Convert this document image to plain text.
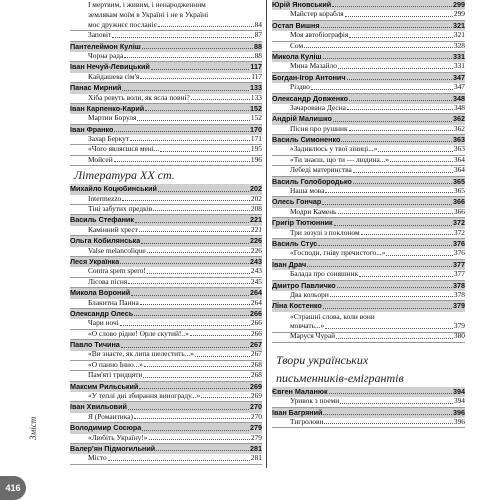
І мертвим, і живим, і ненародженним
землякам моїм в Україні і не в Україні
моє дружнєє посланіє	84
Заповіт	87
Пантелеймон Куліш	88
Чорна рада	88
Іван Нечуй-Левицький	117
Кайдашева сім'я	117
Панас Мирний	133
Хіба ревуть воли, як ясла повні?	133
Іван Карпенко-Карий	152
Мартин Боруля	152
Іван Франко	170
Захар Беркут	171
«Чого являєшся мені...	195
Мойсей	196
Література XX ст.
Михайло Коцюбинський	202
Intermezzo	202
Тіні забутих предків	208
Василь Стефаник	221
Камінний хрест	221
Ольга Кобилянська	226
Valse melancolique	226
Леся Українка	243
Contra spem spero!	243
Лісова пісня	245
Микола Вороний	264
Блакитна Панна	264
Олександр Олесь	266
Чари ночі	266
«О слово рідне! Орле скутий!..»	266
Павло Тичина	267
«Ви знаєте, як липа шелестить...»	267
«О панно Інно...»	268
Пам'яті тридцяти	268
Максим Рильський	269
«У теплі дні збирання винограду...»	269
Іван Хвильовий	270
Я (Романтика)	270
Володимир Сосюра	279
«Любіть Україну!»	279
Валер'ян Підмогильний	281
Місто	281
Юрій Яновський	299
Майстер корабля	299
Остап Вишня	321
Моя автобіографія	321
Сом	328
Микола Куліш	331
Мина Мазайло	331
Богдан-Ігор Антонич	347
Різдво	347
Олександр Довженко	348
Зачарована Десна	348
Андрій Малишко	362
Пісня про рушник	362
Василь Симоненко	363
«Задивлюсь у твої зіниці...»	363
«Ти знаєш, що ти — людина...»	364
Лебеді материнства	364
Василь Голобородько	365
Наша мова	365
Олесь Гончар	366
Модри Камень	366
Григір Тютюнник	372
Три зозулі з поклоном	372
Василь Стус	376
«Господи, гніву пречистого...»	376
Іван Драч	377
Балада про соняшник	377
Дмитро Павличко	378
Два кольори	378
Ліна Костенко	379
«Страшні слова, коли вони
мовчать...»	379
Маруся Чурай	380
Твори українських
письменників-емігрантів
Євген Маланюк	394
Уривок з поеми	394
Іван Багряний	396
Тигролови	396
Змiст
416
